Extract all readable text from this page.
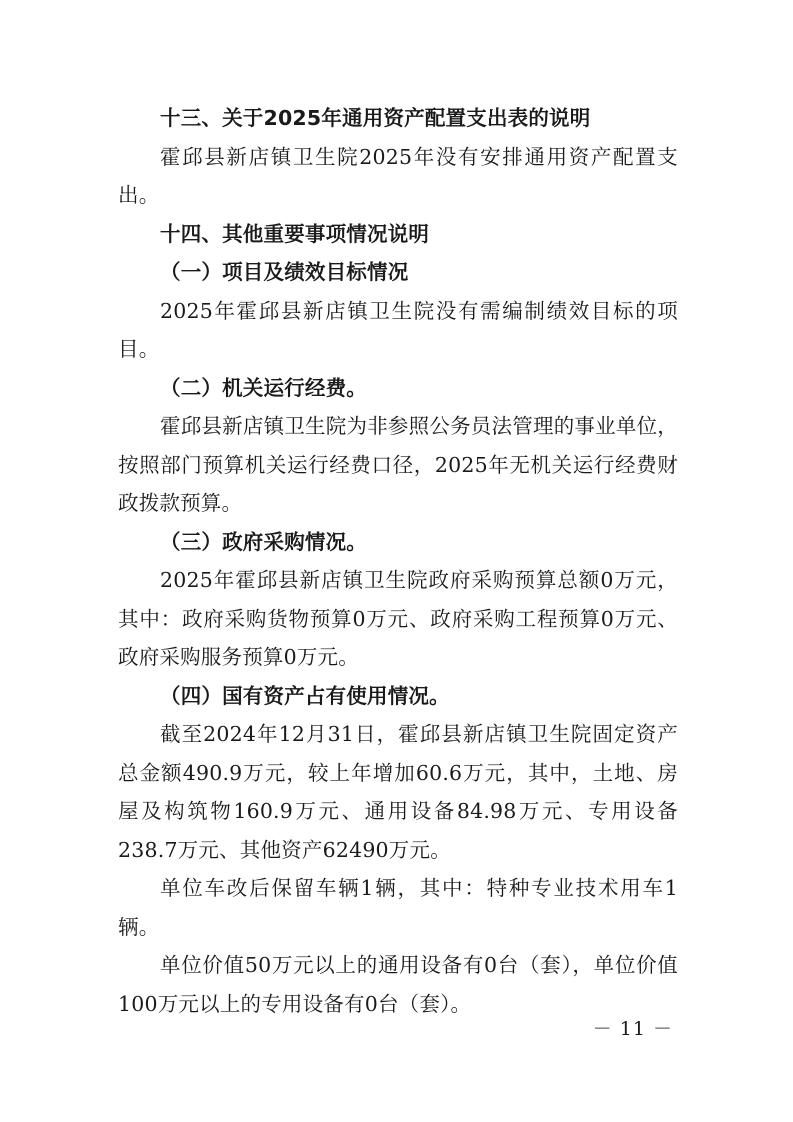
十三、关于2025年通用资产配置支出表的说明

霍邱县新店镇卫生院2025年没有安排通用资产配置支出。

十四、其他重要事项情况说明

（一）项目及绩效目标情况

2025年霍邱县新店镇卫生院没有需编制绩效目标的项目。

（二）机关运行经费。

霍邱县新店镇卫生院为非参照公务员法管理的事业单位，按照部门预算机关运行经费口径，2025年无机关运行经费财政拨款预算。

（三）政府采购情况。

2025年霍邱县新店镇卫生院政府采购预算总额0万元，其中：政府采购货物预算0万元、政府采购工程预算0万元、政府采购服务预算0万元。

（四）国有资产占有使用情况。

截至2024年12月31日，霍邱县新店镇卫生院固定资产总金额490.9万元，较上年增加60.6万元，其中，土地、房屋及构筑物160.9万元、通用设备84.98万元、专用设备238.7万元、其他资产62490万元。

单位车改后保留车辆1辆，其中：特种专业技术用车1辆。

单位价值50万元以上的通用设备有0台（套），单位价值100万元以上的专用设备有0台（套）。

－ 11 －
